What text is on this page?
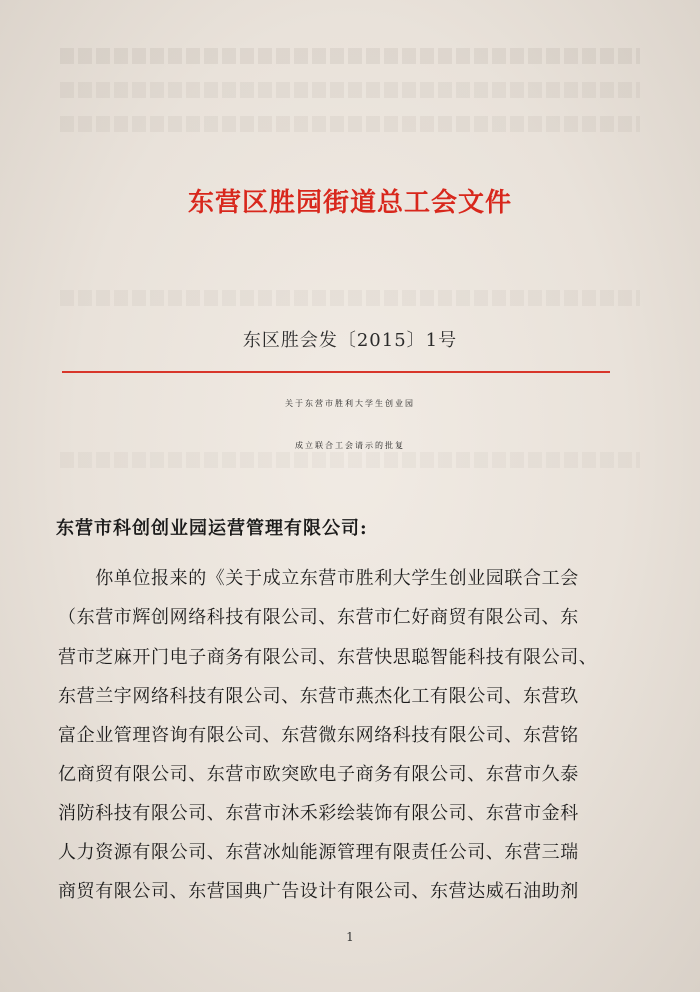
东营区胜园街道总工会文件
东区胜会发〔2015〕1号
关于东营市胜利大学生创业园
成立联合工会请示的批复
东营市科创创业园运营管理有限公司:
　　你单位报来的《关于成立东营市胜利大学生创业园联合工会
（东营市辉创网络科技有限公司、东营市仁好商贸有限公司、东
营市芝麻开门电子商务有限公司、东营快思聪智能科技有限公司、
东营兰宇网络科技有限公司、东营市燕杰化工有限公司、东营玖
富企业管理咨询有限公司、东营微东网络科技有限公司、东营铭
亿商贸有限公司、东营市欧突欧电子商务有限公司、东营市久泰
消防科技有限公司、东营市沐禾彩绘装饰有限公司、东营市金科
人力资源有限公司、东营冰灿能源管理有限责任公司、东营三瑞
商贸有限公司、东营国典广告设计有限公司、东营达威石油助剂
1
